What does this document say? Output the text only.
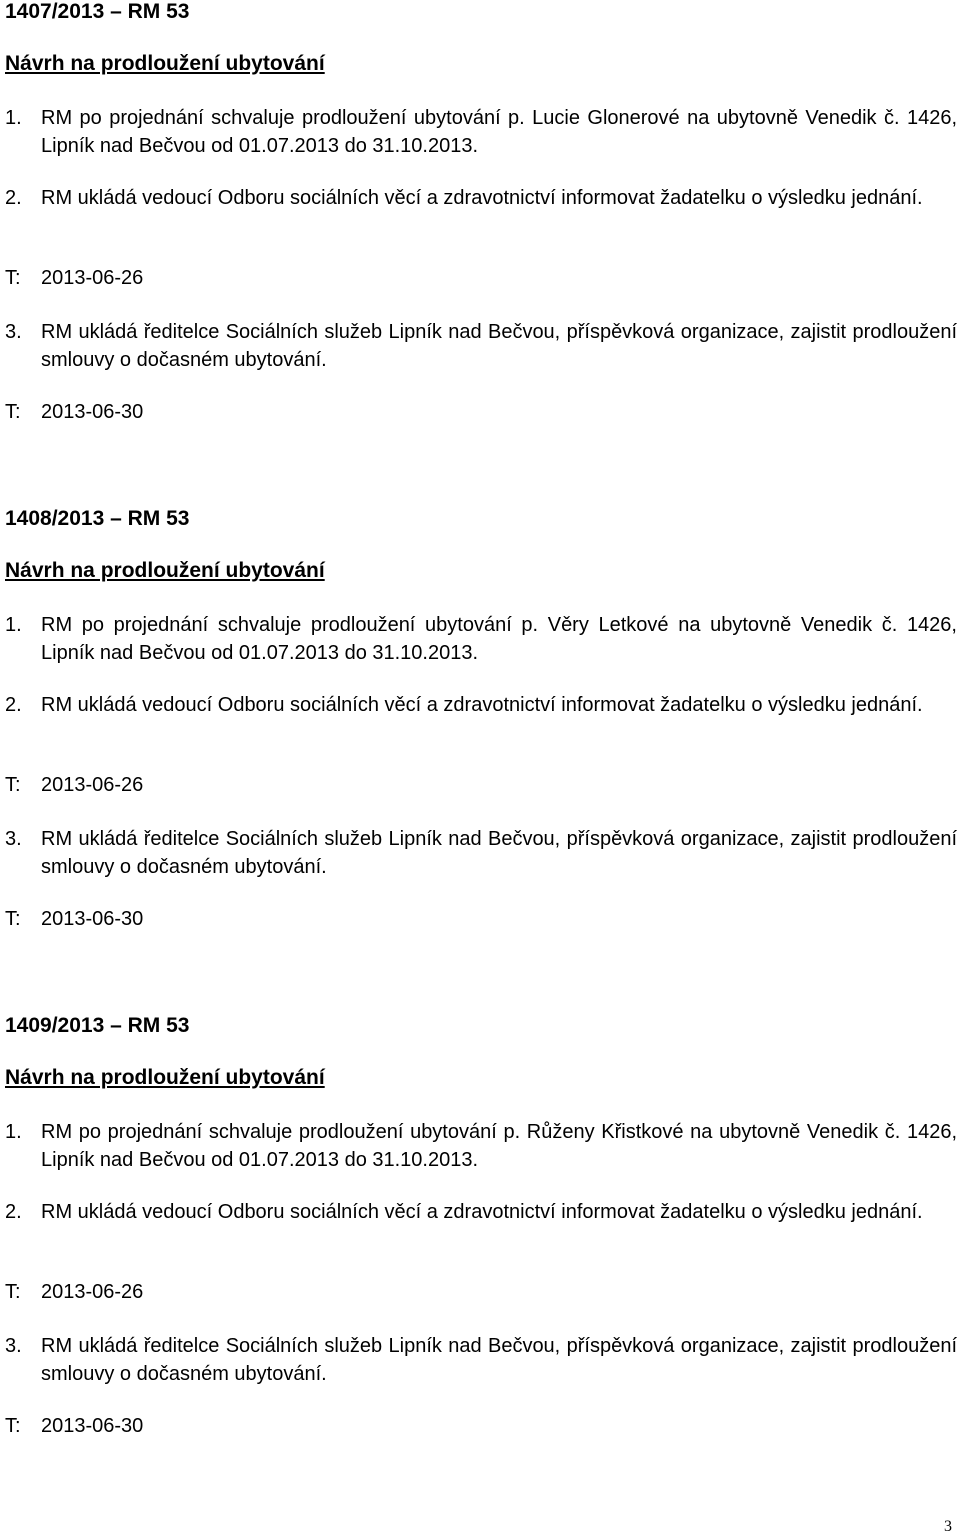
1407/2013 – RM 53
Návrh na prodloužení ubytování
1. RM po projednání schvaluje prodloužení ubytování p. Lucie Glonerové na ubytovně Venedik č. 1426, Lipník nad Bečvou od 01.07.2013 do 31.10.2013.
2. RM ukládá vedoucí Odboru sociálních věcí a zdravotnictví informovat žadatelku o výsledku jednání.
T: 2013-06-26
3. RM ukládá ředitelce Sociálních služeb Lipník nad Bečvou, příspěvková organizace, zajistit prodloužení smlouvy o dočasném ubytování.
T: 2013-06-30
1408/2013 – RM 53
Návrh na prodloužení ubytování
1. RM po projednání schvaluje prodloužení ubytování p. Věry Letkové na ubytovně Venedik č. 1426, Lipník nad Bečvou od 01.07.2013 do 31.10.2013.
2. RM ukládá vedoucí Odboru sociálních věcí a zdravotnictví informovat žadatelku o výsledku jednání.
T: 2013-06-26
3. RM ukládá ředitelce Sociálních služeb Lipník nad Bečvou, příspěvková organizace, zajistit prodloužení smlouvy o dočasném ubytování.
T: 2013-06-30
1409/2013 – RM 53
Návrh na prodloužení ubytování
1. RM po projednání schvaluje prodloužení ubytování p. Růženy Křistkové na ubytovně Venedik č. 1426, Lipník nad Bečvou od 01.07.2013 do 31.10.2013.
2. RM ukládá vedoucí Odboru sociálních věcí a zdravotnictví informovat žadatelku o výsledku jednání.
T: 2013-06-26
3. RM ukládá ředitelce Sociálních služeb Lipník nad Bečvou, příspěvková organizace, zajistit prodloužení smlouvy o dočasném ubytování.
T: 2013-06-30
3
